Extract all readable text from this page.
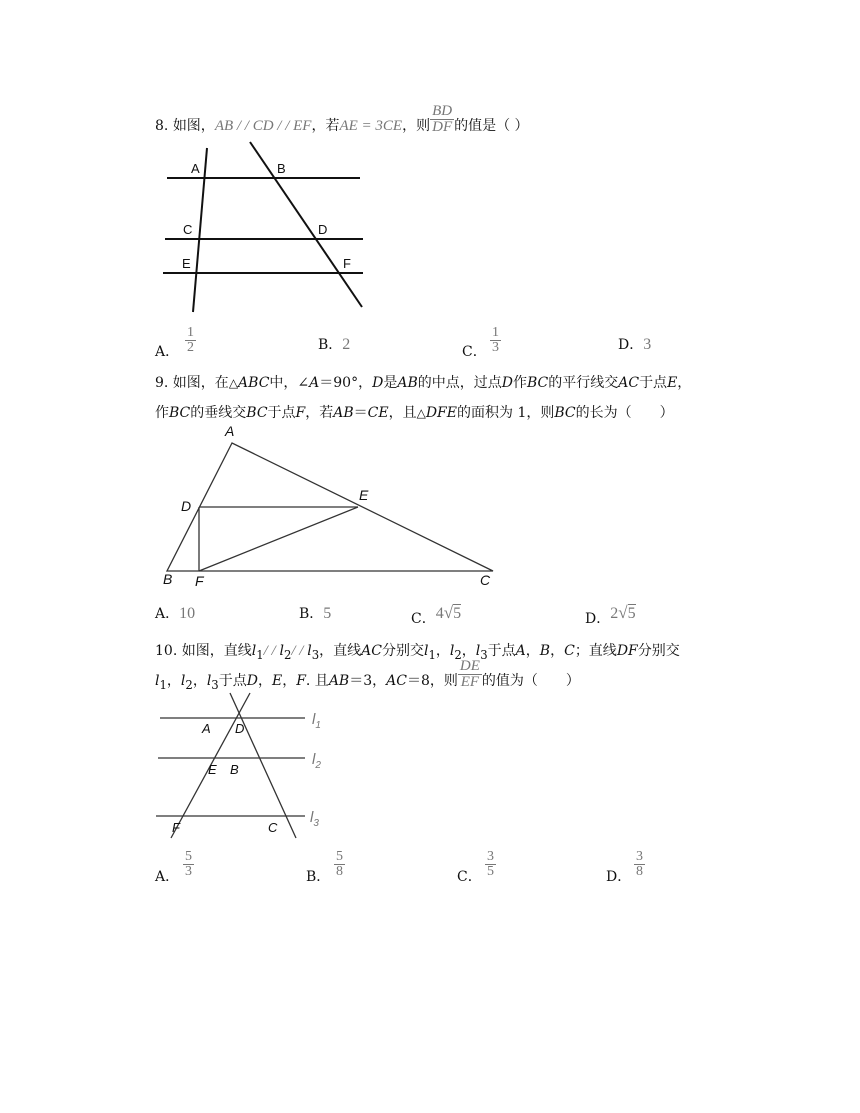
8. 如图，AB / / CD / / EF，若AE = 3CE，则 $\frac{BD}{DF}$ 的值是（ ）
A	B
C	D
E	F
A． $\frac{1}{2}$	B．2	C． $\frac{1}{3}$	D．3
9. 如图，在△ABC中，∠A＝90°，D是AB的中点，过点D作BC的平行线交AC于点E，
作BC的垂线交BC于点F，若AB＝CE，且△DFE的面积为 1，则BC的长为（　　）
A
D
E
B F	C
A．10	B．5	C．4√5	D．2√5
10. 如图，直线$l_1/ / l_2/ / l_3$，直线AC分别交$l_1$，$l_2$，$l_3$于点A，B，C；直线DF分别交
$l_1$，$l_2$，$l_3$于点D，E，F. 且AB＝3，AC＝8，则 $\frac{DE}{EF}$ 的值为（　　）
A D
E B
F	C
$l_1$
$l_2$
$l_3$
A． $\frac{5}{3}$	B． $\frac{5}{8}$	C． $\frac{3}{5}$	D． $\frac{3}{8}$
